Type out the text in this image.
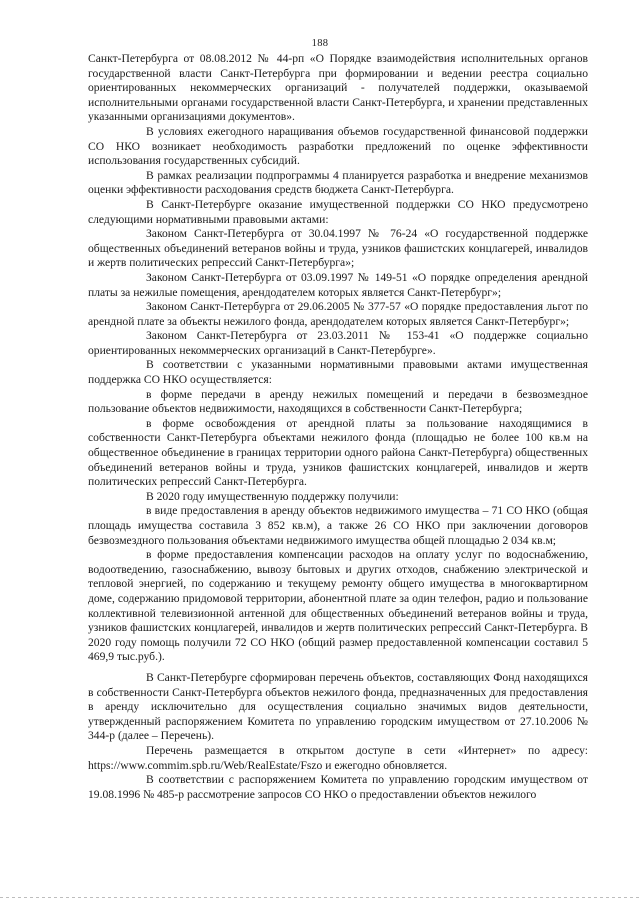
188

Санкт-Петербурга от 08.08.2012 № 44-рп «О Порядке взаимодействия исполнительных органов государственной власти Санкт-Петербурга при формировании и ведении реестра социально ориентированных некоммерческих организаций - получателей поддержки, оказываемой исполнительными органами государственной власти Санкт-Петербурга, и хранении представленных указанными организациями документов».

В условиях ежегодного наращивания объемов государственной финансовой поддержки СО НКО возникает необходимость разработки предложений по оценке эффективности использования государственных субсидий.

В рамках реализации подпрограммы 4 планируется разработка и внедрение механизмов оценки эффективности расходования средств бюджета Санкт-Петербурга.

В Санкт-Петербурге оказание имущественной поддержки СО НКО предусмотрено следующими нормативными правовыми актами:

Законом Санкт-Петербурга от 30.04.1997 № 76-24 «О государственной поддержке общественных объединений ветеранов войны и труда, узников фашистских концлагерей, инвалидов и жертв политических репрессий Санкт-Петербурга»;

Законом Санкт-Петербурга от 03.09.1997 № 149-51 «О порядке определения арендной платы за нежилые помещения, арендодателем которых является Санкт-Петербург»;

Законом Санкт-Петербурга от 29.06.2005 № 377-57 «О порядке предоставления льгот по арендной плате за объекты нежилого фонда, арендодателем которых является Санкт-Петербург»;

Законом Санкт-Петербурга от 23.03.2011 № 153-41 «О поддержке социально ориентированных некоммерческих организаций в Санкт-Петербурге».

В соответствии с указанными нормативными правовыми актами имущественная поддержка СО НКО осуществляется:

в форме передачи в аренду нежилых помещений и передачи в безвозмездное пользование объектов недвижимости, находящихся в собственности Санкт-Петербурга;

в форме освобождения от арендной платы за пользование находящимися в собственности Санкт-Петербурга объектами нежилого фонда (площадью не более 100 кв.м на общественное объединение в границах территории одного района Санкт-Петербурга) общественных объединений ветеранов войны и труда, узников фашистских концлагерей, инвалидов и жертв политических репрессий Санкт-Петербурга.

В 2020 году имущественную поддержку получили:

в виде предоставления в аренду объектов недвижимого имущества – 71 СО НКО (общая площадь имущества составила 3 852 кв.м), а также 26 СО НКО при заключении договоров безвозмездного пользования объектами недвижимого имущества общей площадью 2 034 кв.м;

в форме предоставления компенсации расходов на оплату услуг по водоснабжению, водоотведению, газоснабжению, вывозу бытовых и других отходов, снабжению электрической и тепловой энергией, по содержанию и текущему ремонту общего имущества в многоквартирном доме, содержанию придомовой территории, абонентной плате за один телефон, радио и пользование коллективной телевизионной антенной для общественных объединений ветеранов войны и труда, узников фашистских концлагерей, инвалидов и жертв политических репрессий Санкт-Петербурга. В 2020 году помощь получили 72 СО НКО (общий размер предоставленной компенсации составил 5 469,9 тыс.руб.).

В Санкт-Петербурге сформирован перечень объектов, составляющих Фонд находящихся в собственности Санкт-Петербурга объектов нежилого фонда, предназначенных для предоставления в аренду исключительно для осуществления социально значимых видов деятельности, утвержденный распоряжением Комитета по управлению городским имуществом от 27.10.2006 № 344-р (далее – Перечень).

Перечень размещается в открытом доступе в сети «Интернет» по адресу: https://www.commim.spb.ru/Web/RealEstate/Fszo и ежегодно обновляется.

В соответствии с распоряжением Комитета по управлению городским имуществом от 19.08.1996 № 485-р рассмотрение запросов СО НКО о предоставлении объектов нежилого
